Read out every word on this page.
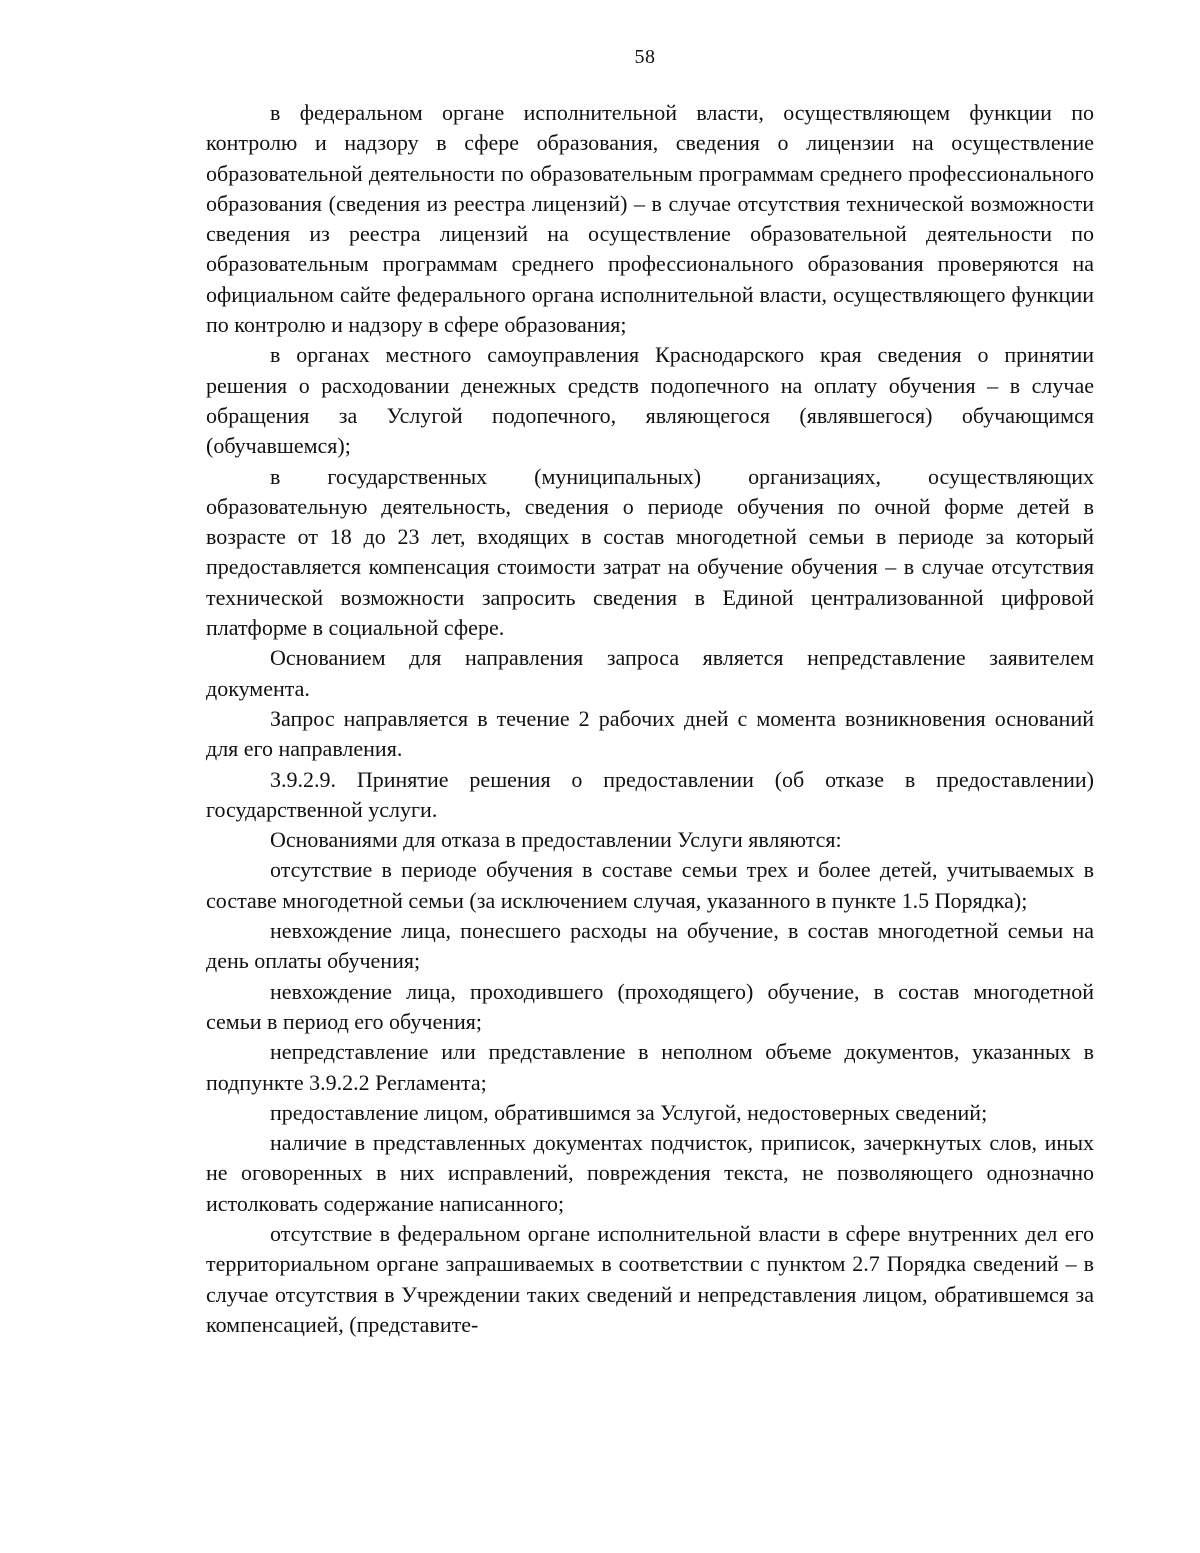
58

в федеральном органе исполнительной власти, осуществляющем функции по контролю и надзору в сфере образования, сведения о лицензии на осуществление образовательной деятельности по образовательным программам среднего профессионального образования (сведения из реестра лицензий) – в случае отсутствия технической возможности сведения из реестра лицензий на осуществление образовательной деятельности по образовательным программам среднего профессионального образования проверяются на официальном сайте федерального органа исполнительной власти, осуществляющего функции по контролю и надзору в сфере образования;

в органах местного самоуправления Краснодарского края сведения о принятии решения о расходовании денежных средств подопечного на оплату обучения – в случае обращения за Услугой подопечного, являющегося (являвшегося) обучающимся (обучавшемся);

в государственных (муниципальных) организациях, осуществляющих образовательную деятельность, сведения о периоде обучения по очной форме детей в возрасте от 18 до 23 лет, входящих в состав многодетной семьи в периоде за который предоставляется компенсация стоимости затрат на обучение обучения – в случае отсутствия технической возможности запросить сведения в Единой централизованной цифровой платформе в социальной сфере.

Основанием для направления запроса является непредставление заявителем документа.

Запрос направляется в течение 2 рабочих дней с момента возникновения оснований для его направления.

3.9.2.9. Принятие решения о предоставлении (об отказе в предоставлении) государственной услуги.

Основаниями для отказа в предоставлении Услуги являются:

отсутствие в периоде обучения в составе семьи трех и более детей, учитываемых в составе многодетной семьи (за исключением случая, указанного в пункте 1.5 Порядка);

невхождение лица, понесшего расходы на обучение, в состав многодетной семьи на день оплаты обучения;

невхождение лица, проходившего (проходящего) обучение, в состав многодетной семьи в период его обучения;

непредставление или представление в неполном объеме документов, указанных в подпункте 3.9.2.2 Регламента;

предоставление лицом, обратившимся за Услугой, недостоверных сведений;

наличие в представленных документах подчисток, приписок, зачеркнутых слов, иных не оговоренных в них исправлений, повреждения текста, не позволяющего однозначно истолковать содержание написанного;

отсутствие в федеральном органе исполнительной власти в сфере внутренних дел его территориальном органе запрашиваемых в соответствии с пунктом 2.7 Порядка сведений – в случае отсутствия в Учреждении таких сведений и непредставления лицом, обратившемся за компенсацией, (представите-
